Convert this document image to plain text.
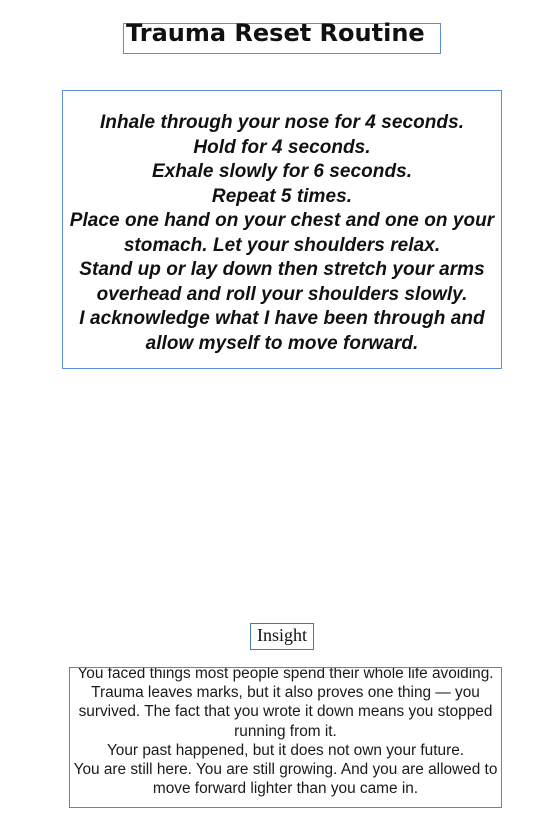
Trauma Reset Routine

Inhale through your nose for 4 seconds.

Hold for 4 seconds.

Exhale slowly for 6 seconds.

Repeat 5 times.

Place one hand on your chest and one on your stomach. Let your shoulders relax.

Stand up or lay down then stretch your arms overhead and roll your shoulders slowly.

I acknowledge what I have been through and allow myself to move forward.

Insight

You faced things most people spend their whole life avoiding. Trauma leaves marks, but it also proves one thing — you survived. The fact that you wrote it down means you stopped running from it.

Your past happened, but it does not own your future.

You are still here. You are still growing. And you are allowed to move forward lighter than you came in.
